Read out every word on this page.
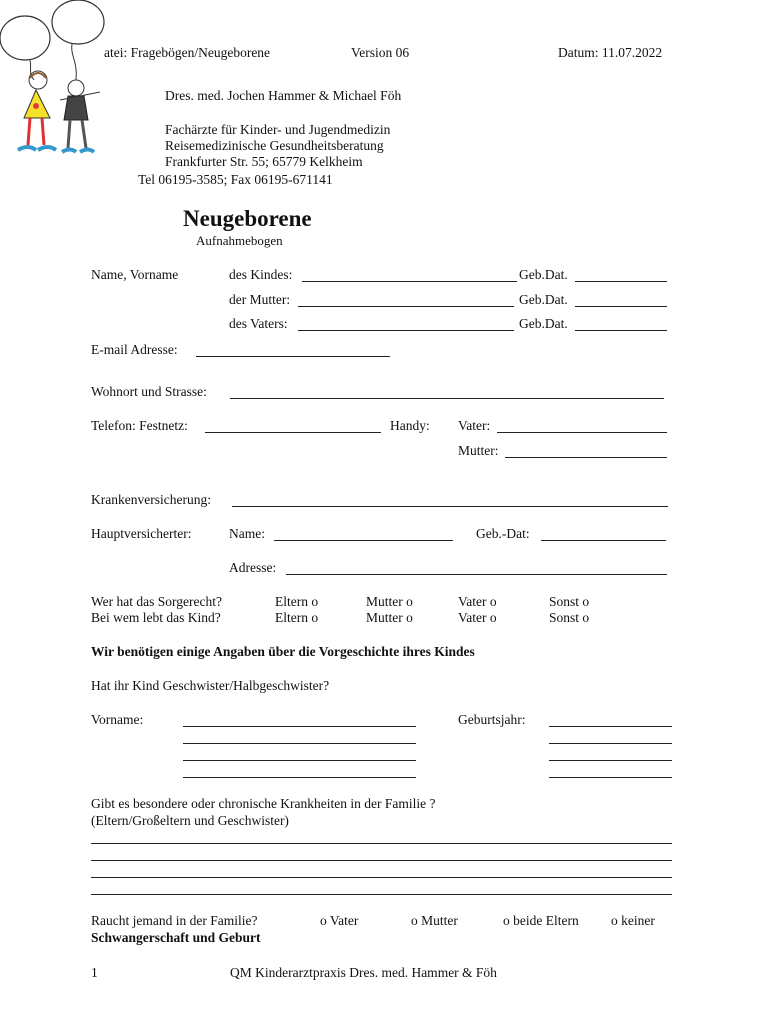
atei: Fragebögen/Neugeborene	Version 06	Datum: 11.07.2022
Dres. med. Jochen Hammer & Michael Föh
Fachärzte für Kinder- und Jugendmedizin
Reisemedizinische Gesundheitsberatung
Frankfurter Str. 55; 65779 Kelkheim
Tel 06195-3585; Fax 06195-671141
Neugeborene
Aufnahmebogen
Name, Vorname	des Kindes:	Geb.Dat.
der Mutter:	Geb.Dat.
des Vaters:	Geb.Dat.
E-mail Adresse:
Wohnort und Strasse:
Telefon: Festnetz:	Handy: Vater:
Mutter:
Krankenversicherung:
Hauptversicherter:	Name:	Geb.-Dat:
Adresse:
Wer hat das Sorgerecht?	Eltern o	Mutter o	Vater o	Sonst o
Bei wem lebt das Kind?	Eltern o	Mutter o	Vater o	Sonst o
Wir benötigen einige Angaben über die Vorgeschichte ihres Kindes
Hat ihr Kind Geschwister/Halbgeschwister?
Vorname:	Geburtsjahr:
Gibt es besondere oder chronische Krankheiten in der Familie ?
(Eltern/Großeltern und Geschwister)
Raucht jemand in der Familie?	o Vater	o Mutter	o beide Eltern o keiner
Schwangerschaft und Geburt
1	QM Kinderarztpraxis Dres. med. Hammer & Föh
